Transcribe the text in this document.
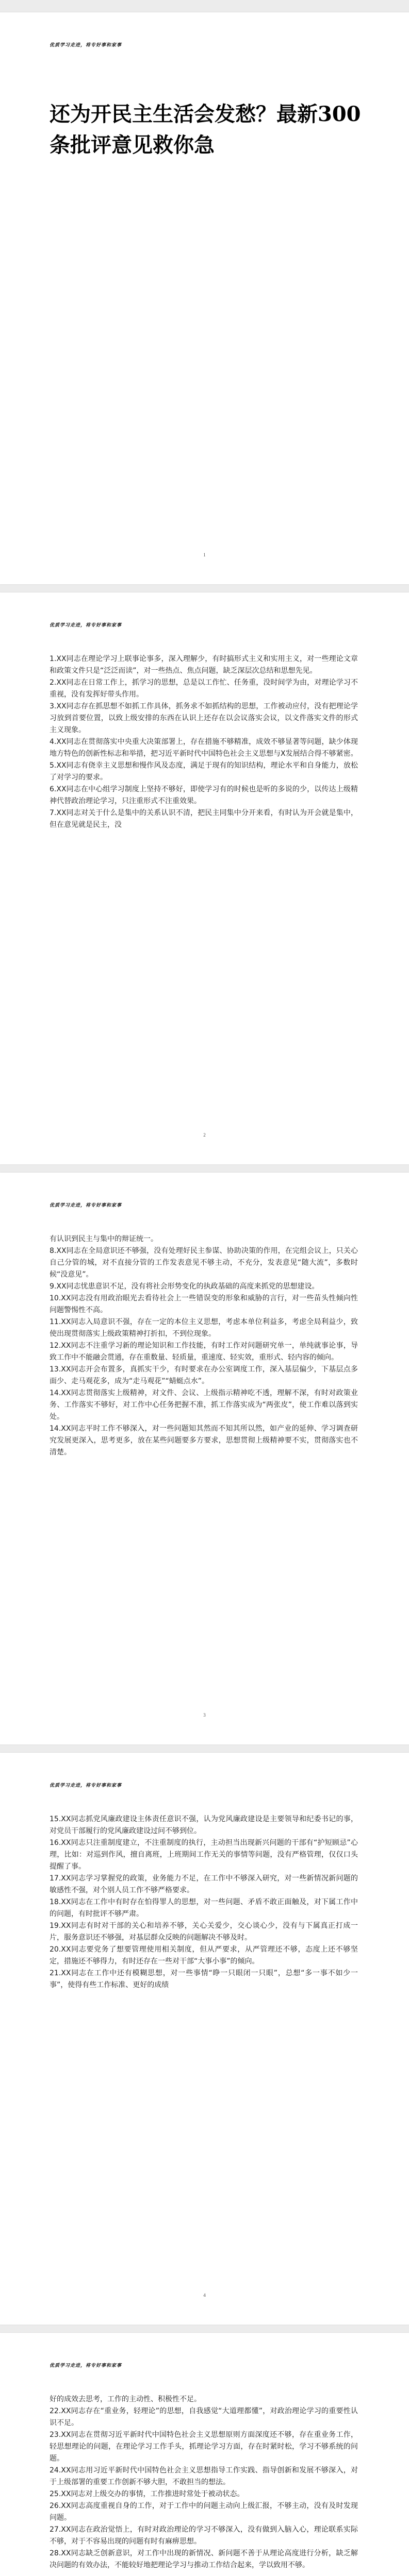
优质学习走进，将专好事和家事
还为开民主生活会发愁？最新300条批评意见救你急
1
优质学习走进，将专好事和家事

1.XX同志在理论学习上联事论事多，深入理解少，有时搞形式主义和实用主义，对一些理论文章和政策文件只是“泛泛而读”，对一些热点、焦点问题，缺乏深层次总结和思想先见。

2.XX同志在日常工作上，抓学习的思想，总是以工作忙、任务重，没时间学为由，对理论学习不重视，没有发挥好带头作用。

3.XX同志存在抓思想不如抓工作具体，抓务求不如抓结构的思想，工作被动应付，没有把理论学习放到首要位置，以致上级安排的东西在认识上还存在以会议落实会议，以文件落实文件的形式主义现象。

4.XX同志在贯彻落实中央重大决策部署上，存在措施不够精准，成效不够显著等问题，缺少体现地方特色的创新性标志和举措，把习近平新时代中国特色社会主义思想与X发展结合得不够紧密。

5.XX同志有侥幸主义思想和慢作风及态度，满足于现有的知识结构，理论水平和自身能力，放松了对学习的要求。

6.XX同志在中心组学习制度上坚持不够好，即使学习有的时候也是听的多说的少，以传达上级精神代替政治理论学习，只注重形式不注重效果。

7.XX同志对关于什么是集中的关系认识不清，把民主同集中分开来看，有时认为开会就是集中，但在意见就是民主，没

2
优质学习走进，将专好事和家事

有认识到民主与集中的辩证统一。

8.XX同志在全局意识还不够强，没有处理好民主参谋、协助决策的作用，在完组会议上，只关心自己分管的城，对不直接分管的工作发表意见不够主动，不充分，发表意见“随大流”，多数时候“没意见”。

9.XX同志忧患意识不足，没有将社会形势变化的执政基础的高度来抓党的思想建设。

10.XX同志没有用政治眼光去看待社会上一些错误变的形象和威胁的言行，对一些苗头性倾向性问题警惕性不高。

11.XX同志入局意识不强，存在一定的本位主义思想，考虑本单位利益多，考虑全局利益少，致使出现贯彻落实上级政策精神打折扣，不到位现象。

12.XX同志不注重学习新的理论知识和工作技能，有时工作对问题研究单一，单纯就事论事，导致工作中不能融会贯通，存在重数量、轻质量，重速度、轻实效，重形式、轻内容的倾向。

13.XX同志开会布置多，真抓实干少，有时要求在办公室调度工作，深入基层偏少，下基层点多面少、走马观花多，成为“走马观花”“蜻蜓点水”。

14.XX同志贯彻落实上级精神，对文件、会议、上级指示精神吃不透，理解不深，有时对政策业务、工作落实不够好，对工作中心任务把握不准，抓工作落实成为“两张皮”，使工作难以落到实处。

14.XX同志平时工作不够深入，对一些问题知其然而不知其所以然，如产业的延伸、学习调查研究发展更深入，思考更多，放在某些问题要多方要求，思想贯彻上级精神要不实，贯彻落实也不清楚。

3
优质学习走进，将专好事和家事

15.XX同志抓党风廉政建设主体责任意识不强，认为党风廉政建设是主要领导和纪委书记的事，对党员干部履行的党风廉政建设过问不够到位。

16.XX同志只注重制度建立，不注重制度的执行，主动担当出现新兴问题的干部有“护短顾忌”心理，比如：对巡到作风，擅自离班，上班期间工作无关的事情等问题，没有严格管理，仅仅口头提醒了事。

17.XX同志学习掌握党的政策，业务能力不足，在工作中不够深入研究，对一些新情况新问题的敏感性不强，对个别人员工作不够严格要求。

18.XX同志在工作中有时存在怕得罪人的思想，对一些问题、矛盾不敢正面触及，对下属工作中的问题，有时批评不够严肃。

19.XX同志有时对干部的关心和培养不够，关心关爱少，交心谈心少，没有与下属真正打成一片，服务意识还不够强，对基层群众反映的问题解决不够及时。

20.XX同志要党务了想要管理使用相关制度，但从严要求，从严管理还不够，态度上还不够坚定，措施还不够得力，有时还存在一些对干部“大事小事”的倾向。

21.XX同志在工作中还有模糊思想，对一些事情“睁一只眼闭一只眼”，总想“多一事不如少一事”，使得有些工作标准、更好的成绩

4
优质学习走进，将专好事和家事

好的成效去思考，工作的主动性、积极性不足。

22.XX同志存在“重业务，轻理论”的思想，自我感觉“大道理都懂”，对政治理论学习的重要性认识不足。

23.XX同志在贯彻习近平新时代中国特色社会主义思想原则方面深度还不够，存在重业务工作，轻思想理论的问题，在理论学习工作手头，抓理论学习方面，存在时紧时松，学习不够系统的问题。

24.XX同志用习近平新时代中国特色社会主义思想指导工作实践、指导创新和发展不够深入，对于上级部署的重要工作创新不够大胆，不敢担当的想法。

25.XX同志对上级交办的事情，工作推进时常处于被动状态。

26.XX同志高度重视自身的工作，对于工作中的问题主动向上级汇报，不够主动，没有及时发现问题。

27.XX同志在政治觉悟上，有时对政治理论的学习不够深入，没有做到入脑入心，理论联系实际不够，对于不容易出现的问题有时有麻痹思想。

28.XX同志缺乏创新意识，对工作中出现的新情况、新问题不善于从理论高度进行分析，缺乏解决问题的有效办法，不能较好地把理论学习与推动工作结合起来，学以致用不够。
